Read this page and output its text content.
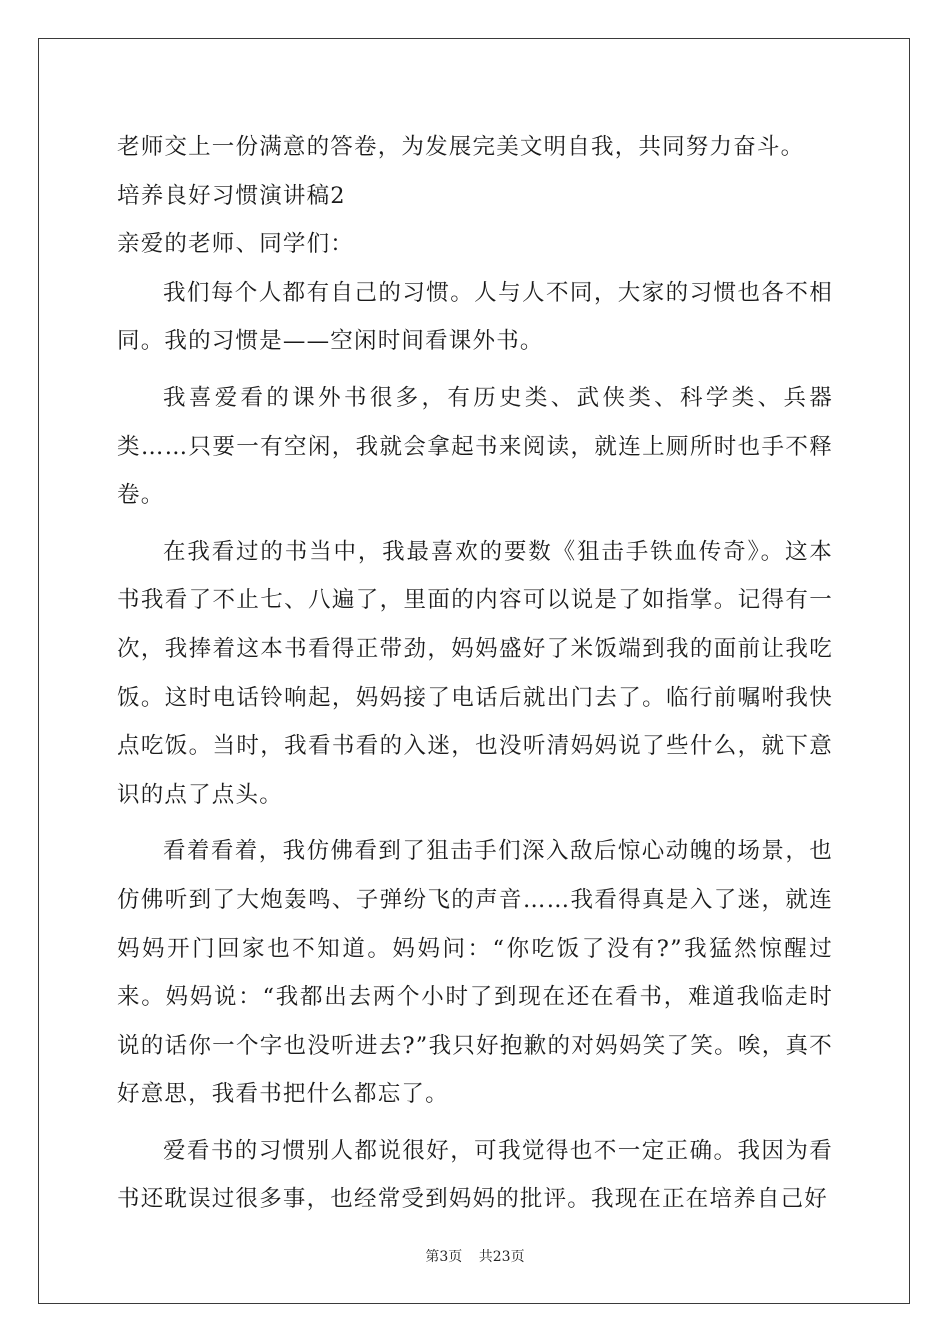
老师交上一份满意的答卷，为发展完美文明自我，共同努力奋斗。

培养良好习惯演讲稿2

亲爱的老师、同学们：

我们每个人都有自己的习惯。人与人不同，大家的习惯也各不相同。我的习惯是——空闲时间看课外书。

我喜爱看的课外书很多，有历史类、武侠类、科学类、兵器类……只要一有空闲，我就会拿起书来阅读，就连上厕所时也手不释卷。

在我看过的书当中，我最喜欢的要数《狙击手铁血传奇》。这本书我看了不止七、八遍了，里面的内容可以说是了如指掌。记得有一次，我捧着这本书看得正带劲，妈妈盛好了米饭端到我的面前让我吃饭。这时电话铃响起，妈妈接了电话后就出门去了。临行前嘱咐我快点吃饭。当时，我看书看的入迷，也没听清妈妈说了些什么，就下意识的点了点头。

看着看着，我仿佛看到了狙击手们深入敌后惊心动魄的场景，也仿佛听到了大炮轰鸣、子弹纷飞的声音……我看得真是入了迷，就连妈妈开门回家也不知道。妈妈问：“你吃饭了没有?”我猛然惊醒过来。妈妈说：“我都出去两个小时了到现在还在看书，难道我临走时说的话你一个字也没听进去?”我只好抱歉的对妈妈笑了笑。唉，真不好意思，我看书把什么都忘了。

爱看书的习惯别人都说很好，可我觉得也不一定正确。我因为看书还耽误过很多事，也经常受到妈妈的批评。我现在正在培养自己好

第3页 共23页
